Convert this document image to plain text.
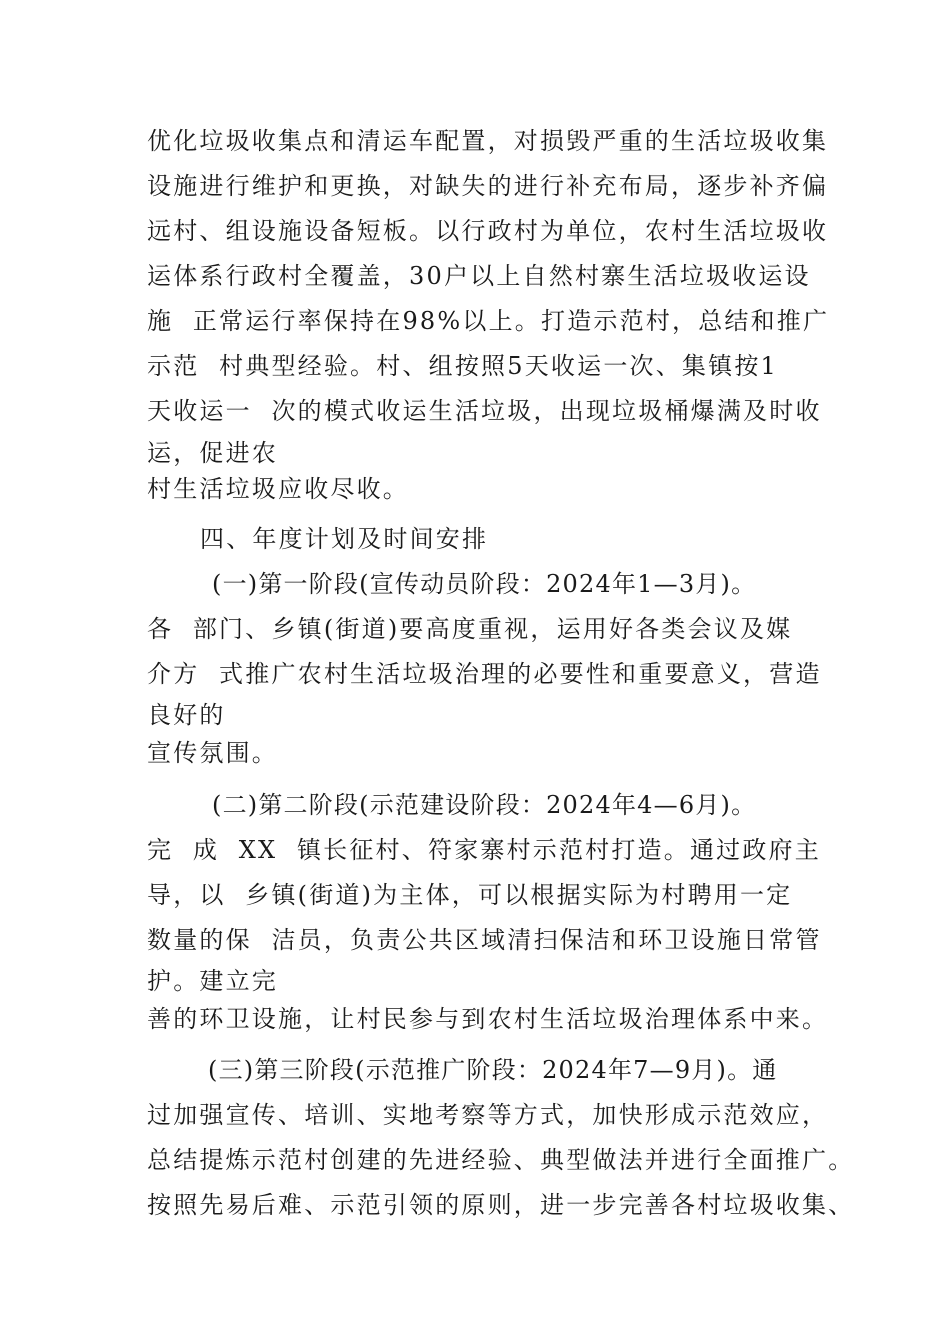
优化垃圾收集点和清运车配置，对损毁严重的生活垃圾收集
设施进行维护和更换，对缺失的进行补充布局，逐步补齐偏
远村、组设施设备短板。以行政村为单位，农村生活垃圾收
运体系行政村全覆盖，30户以上自然村寨生活垃圾收运设
施  正常运行率保持在98%以上。打造示范村，总结和推广
示范  村典型经验。村、组按照5天收运一次、集镇按1
天收运一  次的模式收运生活垃圾，出现垃圾桶爆满及时收
运，促进农
村生活垃圾应收尽收。
四、年度计划及时间安排
(一)第一阶段(宣传动员阶段：2024年1—3月)。
各  部门、乡镇(街道)要高度重视，运用好各类会议及媒
介方  式推广农村生活垃圾治理的必要性和重要意义，营造
良好的
宣传氛围。
(二)第二阶段(示范建设阶段：2024年4—6月)。
完  成  XX  镇长征村、符家寨村示范村打造。通过政府主
导，以  乡镇(街道)为主体，可以根据实际为村聘用一定
数量的保  洁员，负责公共区域清扫保洁和环卫设施日常管
护。建立完
善的环卫设施，让村民参与到农村生活垃圾治理体系中来。
(三)第三阶段(示范推广阶段：2024年7—9月)。通
过加强宣传、培训、实地考察等方式，加快形成示范效应，
总结提炼示范村创建的先进经验、典型做法并进行全面推广。
按照先易后难、示范引领的原则，进一步完善各村垃圾收集、
